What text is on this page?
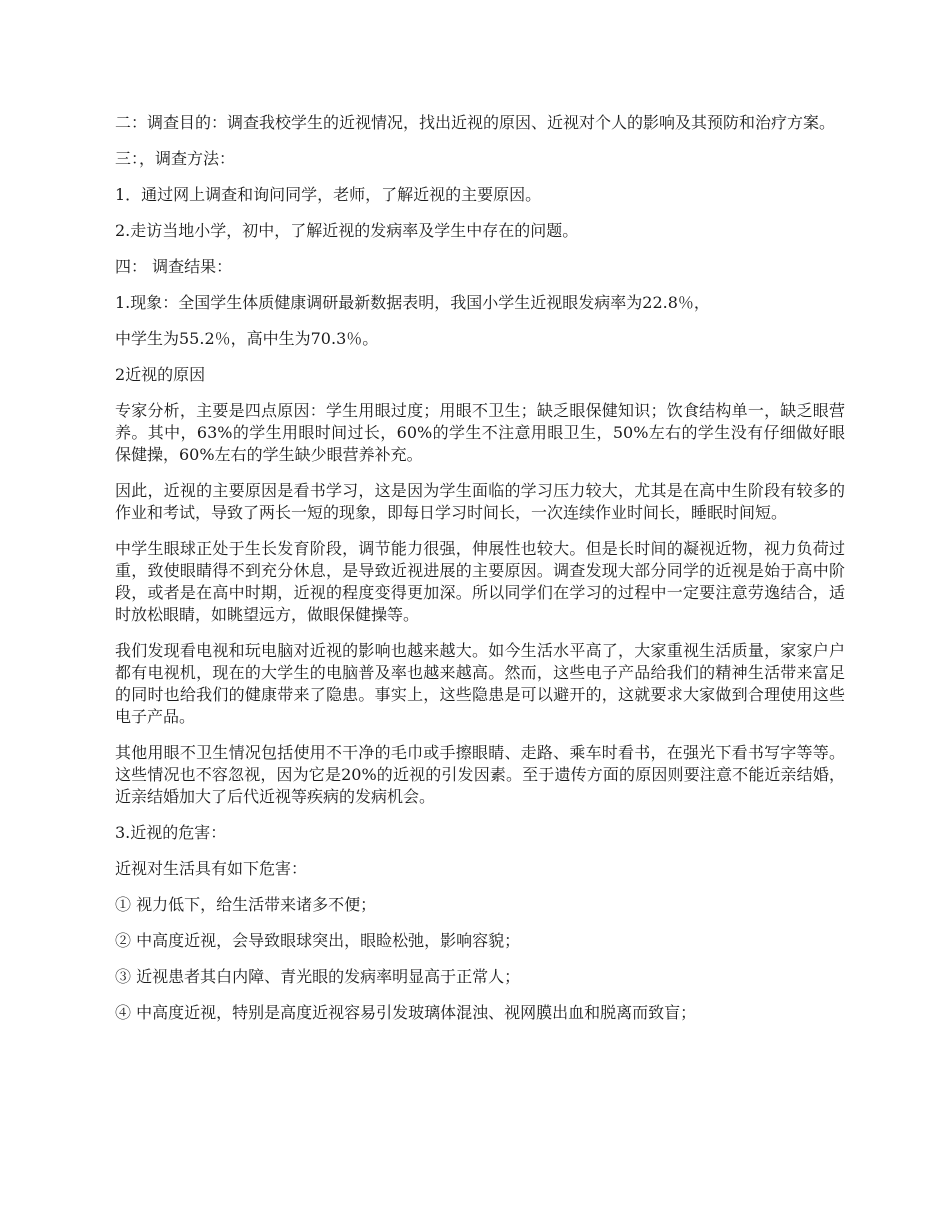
二：调查目的：调查我校学生的近视情况，找出近视的原因、近视对个人的影响及其预防和治疗方案。

三：，调查方法：

1．通过网上调查和询问同学，老师，了解近视的主要原因。

2.走访当地小学，初中，了解近视的发病率及学生中存在的问题。

四： 调查结果：

1.现象：全国学生体质健康调研最新数据表明，我国小学生近视眼发病率为22.8％，

中学生为55.2％，高中生为70.3％。

2近视的原因

专家分析，主要是四点原因：学生用眼过度；用眼不卫生；缺乏眼保健知识；饮食结构单一，缺乏眼营养。其中，63%的学生用眼时间过长，60%的学生不注意用眼卫生，50%左右的学生没有仔细做好眼保健操，60%左右的学生缺少眼营养补充。

因此，近视的主要原因是看书学习，这是因为学生面临的学习压力较大，尤其是在高中生阶段有较多的作业和考试，导致了两长一短的现象，即每日学习时间长，一次连续作业时间长，睡眠时间短。

中学生眼球正处于生长发育阶段，调节能力很强，伸展性也较大。但是长时间的凝视近物，视力负荷过重，致使眼睛得不到充分休息，是导致近视进展的主要原因。调查发现大部分同学的近视是始于高中阶段，或者是在高中时期，近视的程度变得更加深。所以同学们在学习的过程中一定要注意劳逸结合，适时放松眼睛，如眺望远方，做眼保健操等。

我们发现看电视和玩电脑对近视的影响也越来越大。如今生活水平高了，大家重视生活质量，家家户户都有电视机，现在的大学生的电脑普及率也越来越高。然而，这些电子产品给我们的精神生活带来富足的同时也给我们的健康带来了隐患。事实上，这些隐患是可以避开的，这就要求大家做到合理使用这些电子产品。

其他用眼不卫生情况包括使用不干净的毛巾或手擦眼睛、走路、乘车时看书，在强光下看书写字等等。这些情况也不容忽视，因为它是20%的近视的引发因素。至于遗传方面的原因则要注意不能近亲结婚，近亲结婚加大了后代近视等疾病的发病机会。

3.近视的危害：

近视对生活具有如下危害：

① 视力低下，给生活带来诸多不便；

② 中高度近视，会导致眼球突出，眼睑松弛，影响容貌；

③ 近视患者其白内障、青光眼的发病率明显高于正常人；

④ 中高度近视，特别是高度近视容易引发玻璃体混浊、视网膜出血和脱离而致盲；
